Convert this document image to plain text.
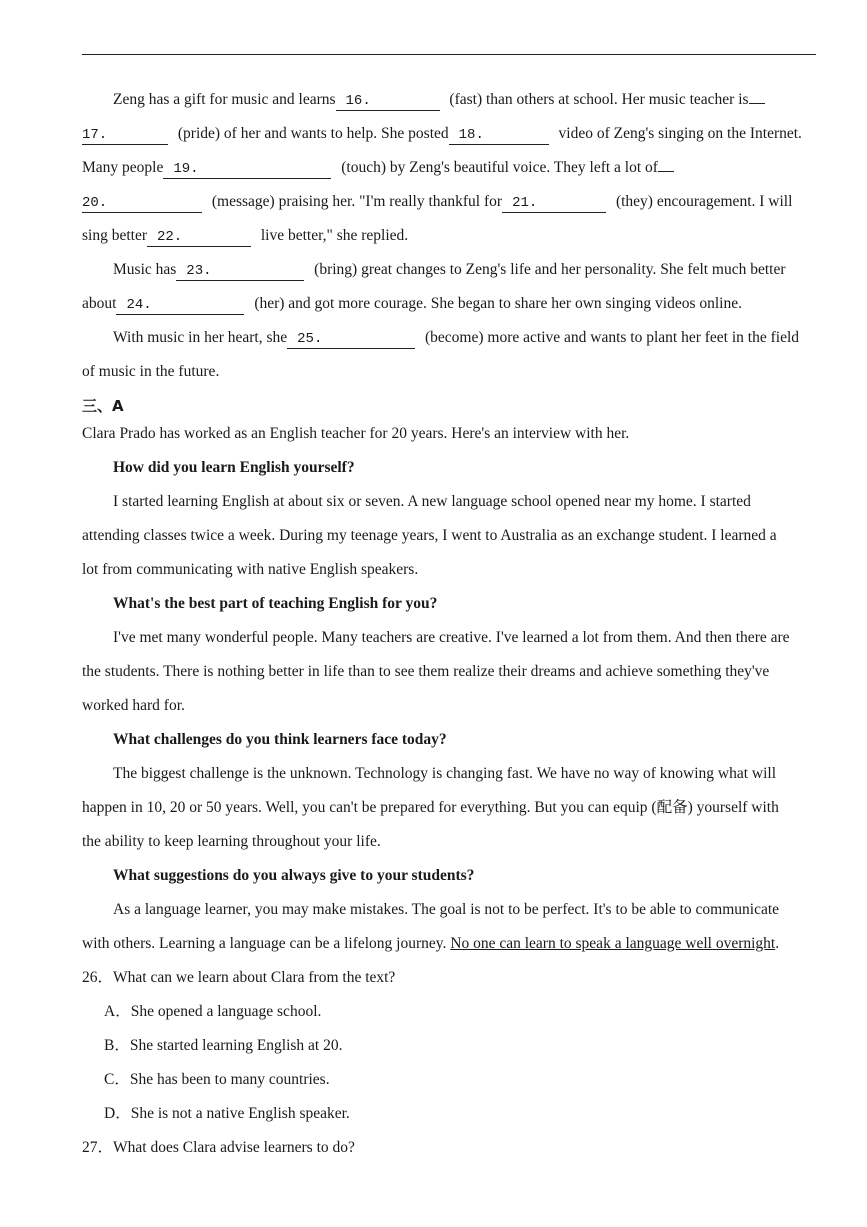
Zeng has a gift for music and learns 16.	(fast) than others at school. Her music teacher is
17.	(pride) of her and wants to help. She posted 18.	video of Zeng's singing on the Internet.
Many people 19.	(touch) by Zeng's beautiful voice. They left a lot of
20.	(message) praising her. "I'm really thankful for 21.	(they) encouragement. I will
sing better 22.	live better," she replied.
Music has 23.	(bring) great changes to Zeng's life and her personality. She felt much better
about 24.	(her) and got more courage. She began to share her own singing videos online.
With music in her heart, she 25.	(become) more active and wants to plant her feet in the field
of music in the future.
三、A
Clara Prado has worked as an English teacher for 20 years. Here's an interview with her.
How did you learn English yourself?
I started learning English at about six or seven. A new language school opened near my home. I started
attending classes twice a week. During my teenage years, I went to Australia as an exchange student. I learned a
lot from communicating with native English speakers.
What's the best part of teaching English for you?
I've met many wonderful people. Many teachers are creative. I've learned a lot from them. And then there are
the students. There is nothing better in life than to see them realize their dreams and achieve something they've
worked hard for.
What challenges do you think learners face today?
The biggest challenge is the unknown. Technology is changing fast. We have no way of knowing what will
happen in 10, 20 or 50 years. Well, you can't be prepared for everything. But you can equip (配备) yourself with
the ability to keep learning throughout your life.
What suggestions do you always give to your students?
As a language learner, you may make mistakes. The goal is not to be perfect. It's to be able to communicate
with others. Learning a language can be a lifelong journey. No one can learn to speak a language well overnight.
26．What can we learn about Clara from the text?
A．She opened a language school.
B．She started learning English at 20.
C．She has been to many countries.
D．She is not a native English speaker.
27．What does Clara advise learners to do?
